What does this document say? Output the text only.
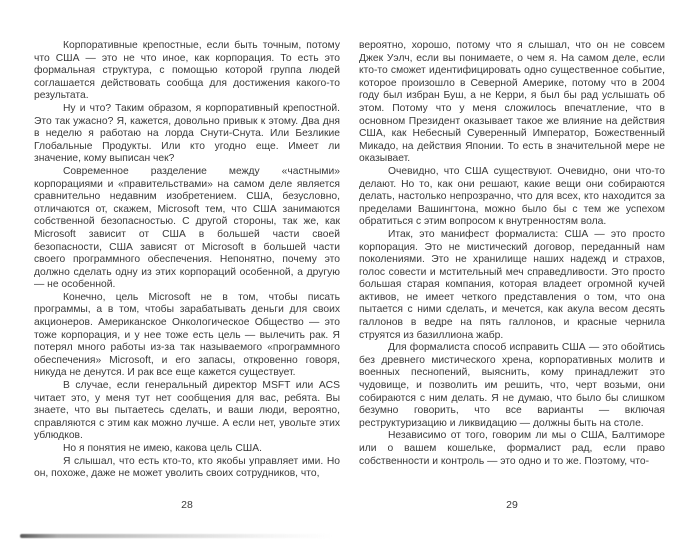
Корпоративные крепостные, если быть точным, потому что США — это не что иное, как корпорация. То есть это формальная структура, с помощью которой группа людей соглашается действовать сообща для достижения какого-то результата.

Ну и что? Таким образом, я корпоративный крепостной. Это так ужасно? Я, кажется, довольно привык к этому. Два дня в неделю я работаю на лорда Снути-Снута. Или Безликие Глобальные Продукты. Или кто угодно еще. Имеет ли значение, кому выписан чек?

Современное разделение между «частными» корпорациями и «правительствами» на самом деле является сравнительно недавним изобретением. США, безусловно, отличаются от, скажем, Microsoft тем, что США занимаются собственной безопасностью. С другой стороны, так же, как Microsoft зависит от США в большей части своей безопасности, США зависят от Microsoft в большей части своего программного обеспечения. Непонятно, почему это должно сделать одну из этих корпораций особенной, а другую — не особенной.

Конечно, цель Microsoft не в том, чтобы писать программы, а в том, чтобы зарабатывать деньги для своих акционеров. Американское Онкологическое Общество — это тоже корпорация, и у нее тоже есть цель — вылечить рак. Я потерял много работы из-за так называемого «программного обеспечения» Microsoft, и его запасы, откровенно говоря, никуда не денутся. И рак все еще кажется существует.

В случае, если генеральный директор MSFT или ACS читает это, у меня тут нет сообщения для вас, ребята. Вы знаете, что вы пытаетесь сделать, и ваши люди, вероятно, справляются с этим как можно лучше. А если нет, увольте этих ублюдков.

Но я понятия не имею, какова цель США.

Я слышал, что есть кто-то, кто якобы управляет ими. Но он, похоже, даже не может уволить своих сотрудников, что,

вероятно, хорошо, потому что я слышал, что он не совсем Джек Уэлч, если вы понимаете, о чем я. На самом деле, если кто-то сможет идентифицировать одно существенное событие, которое произошло в Северной Америке, потому что в 2004 году был избран Буш, а не Керри, я был бы рад услышать об этом. Потому что у меня сложилось впечатление, что в основном Президент оказывает такое же влияние на действия США, как Небесный Суверенный Император, Божественный Микадо, на действия Японии. То есть в значительной мере не оказывает.

Очевидно, что США существуют. Очевидно, они что-то делают. Но то, как они решают, какие вещи они собираются делать, настолько непрозрачно, что для всех, кто находится за пределами Вашингтона, можно было бы с тем же успехом обратиться с этим вопросом к внутренностям вола.

Итак, это манифест формалиста: США — это просто корпорация. Это не мистический договор, переданный нам поколениями. Это не хранилище наших надежд и страхов, голос совести и мстительный меч справедливости. Это просто большая старая компания, которая владеет огромной кучей активов, не имеет четкого представления о том, что она пытается с ними сделать, и мечется, как акула весом десять галлонов в ведре на пять галлонов, и красные чернила струятся из базиллиона жабр.

Для формалиста способ исправить США — это обойтись без древнего мистического хрена, корпоративных молитв и военных песнопений, выяснить, кому принадлежит это чудовище, и позволить им решить, что, черт возьми, они собираются с ним делать. Я не думаю, что было бы слишком безумно говорить, что все варианты — включая реструктуризацию и ликвидацию — должны быть на столе.

Независимо от того, говорим ли мы о США, Балтиморе или о вашем кошельке, формалист рад, если право собственности и контроль — это одно и то же. Поэтому, что-

28	29
